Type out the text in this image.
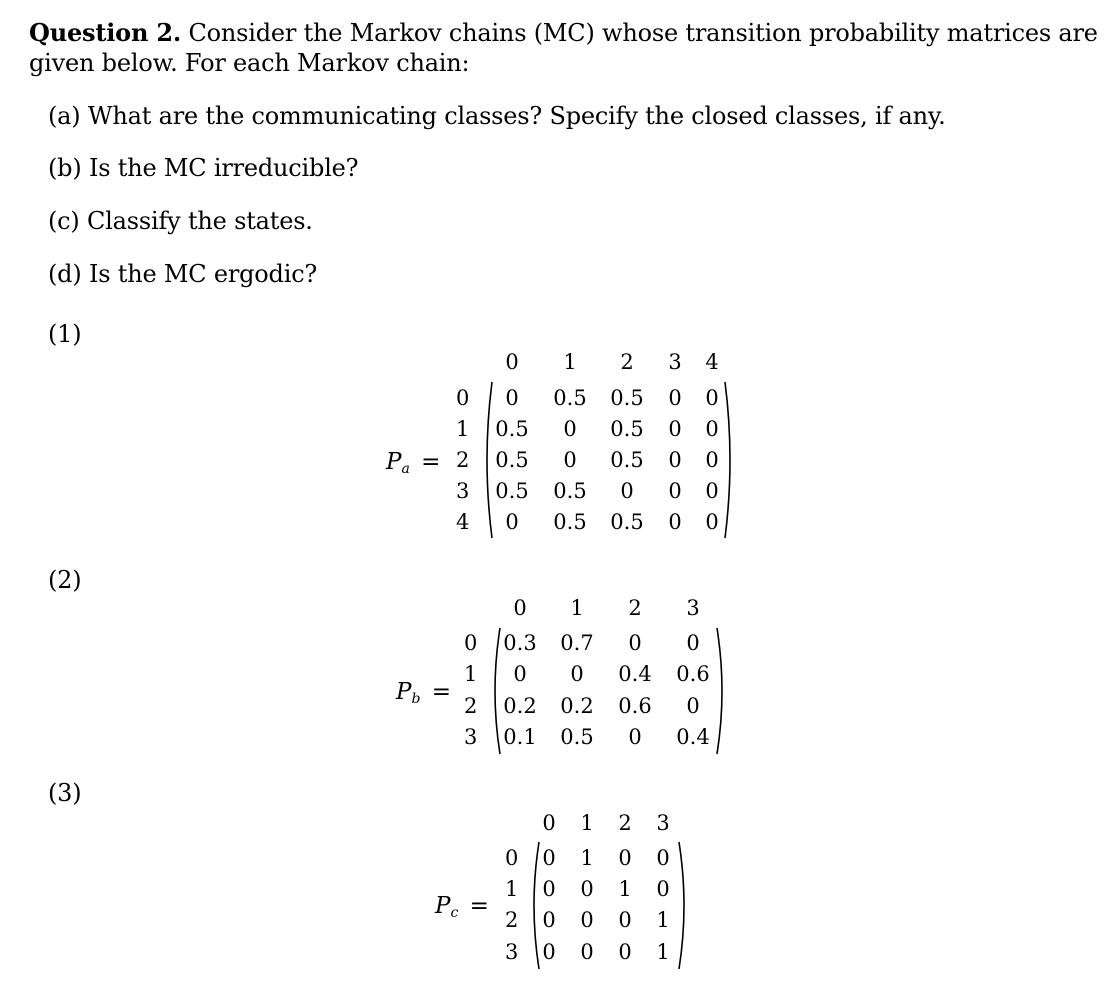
Question 2. Consider the Markov chains (MC) whose transition probability matrices are
given below. For each Markov chain:
(a) What are the communicating classes? Specify the closed classes, if any.
(b) Is the MC irreducible?
(c) Classify the states.
(d) Is the MC ergodic?
(1)
$P_a$ =
0 1 2 3 4
0
1
2
3
4
0 0.5 0.5 0 0
0.5 0 0.5 0 0
0.5 0 0.5 0 0
0.5 0.5 0 0 0
0 0.5 0.5 0 0
(2)
$P_b$ =
0 1 2 3
0
1
2
3
0.3 0.7 0 0
0 0 0.4 0.6
0.2 0.2 0.6 0
0.1 0.5 0 0.4
(3)
$P_c$ =
0 1 2 3
0
1
2
3
0 1 0 0
0 0 1 0
0 0 0 1
0 0 0 1
